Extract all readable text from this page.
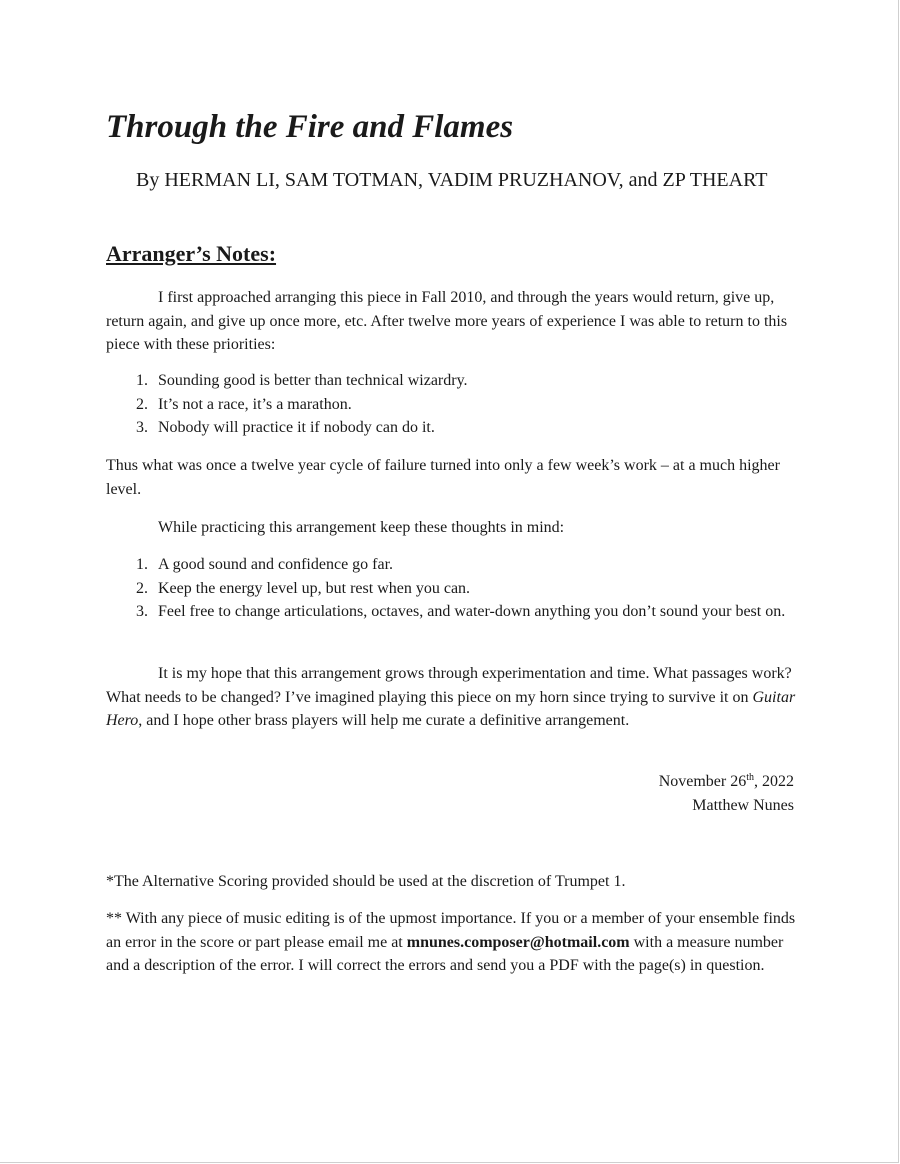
Through the Fire and Flames
By HERMAN LI, SAM TOTMAN, VADIM PRUZHANOV, and ZP THEART
Arranger’s Notes:

I first approached arranging this piece in Fall 2010, and through the years would return, give up, return again, and give up once more, etc. After twelve more years of experience I was able to return to this piece with these priorities:

1. Sounding good is better than technical wizardry.
2. It’s not a race, it’s a marathon.
3. Nobody will practice it if nobody can do it.

Thus what was once a twelve year cycle of failure turned into only a few week’s work – at a much higher level.

While practicing this arrangement keep these thoughts in mind:

1. A good sound and confidence go far.
2. Keep the energy level up, but rest when you can.
3. Feel free to change articulations, octaves, and water-down anything you don’t sound your best on.

It is my hope that this arrangement grows through experimentation and time. What passages work? What needs to be changed? I’ve imagined playing this piece on my horn since trying to survive it on Guitar Hero, and I hope other brass players will help me curate a definitive arrangement.

November 26th, 2022
Matthew Nunes

*The Alternative Scoring provided should be used at the discretion of Trumpet 1.

** With any piece of music editing is of the upmost importance. If you or a member of your ensemble finds an error in the score or part please email me at mnunes.composer@hotmail.com with a measure number and a description of the error. I will correct the errors and send you a PDF with the page(s) in question.
